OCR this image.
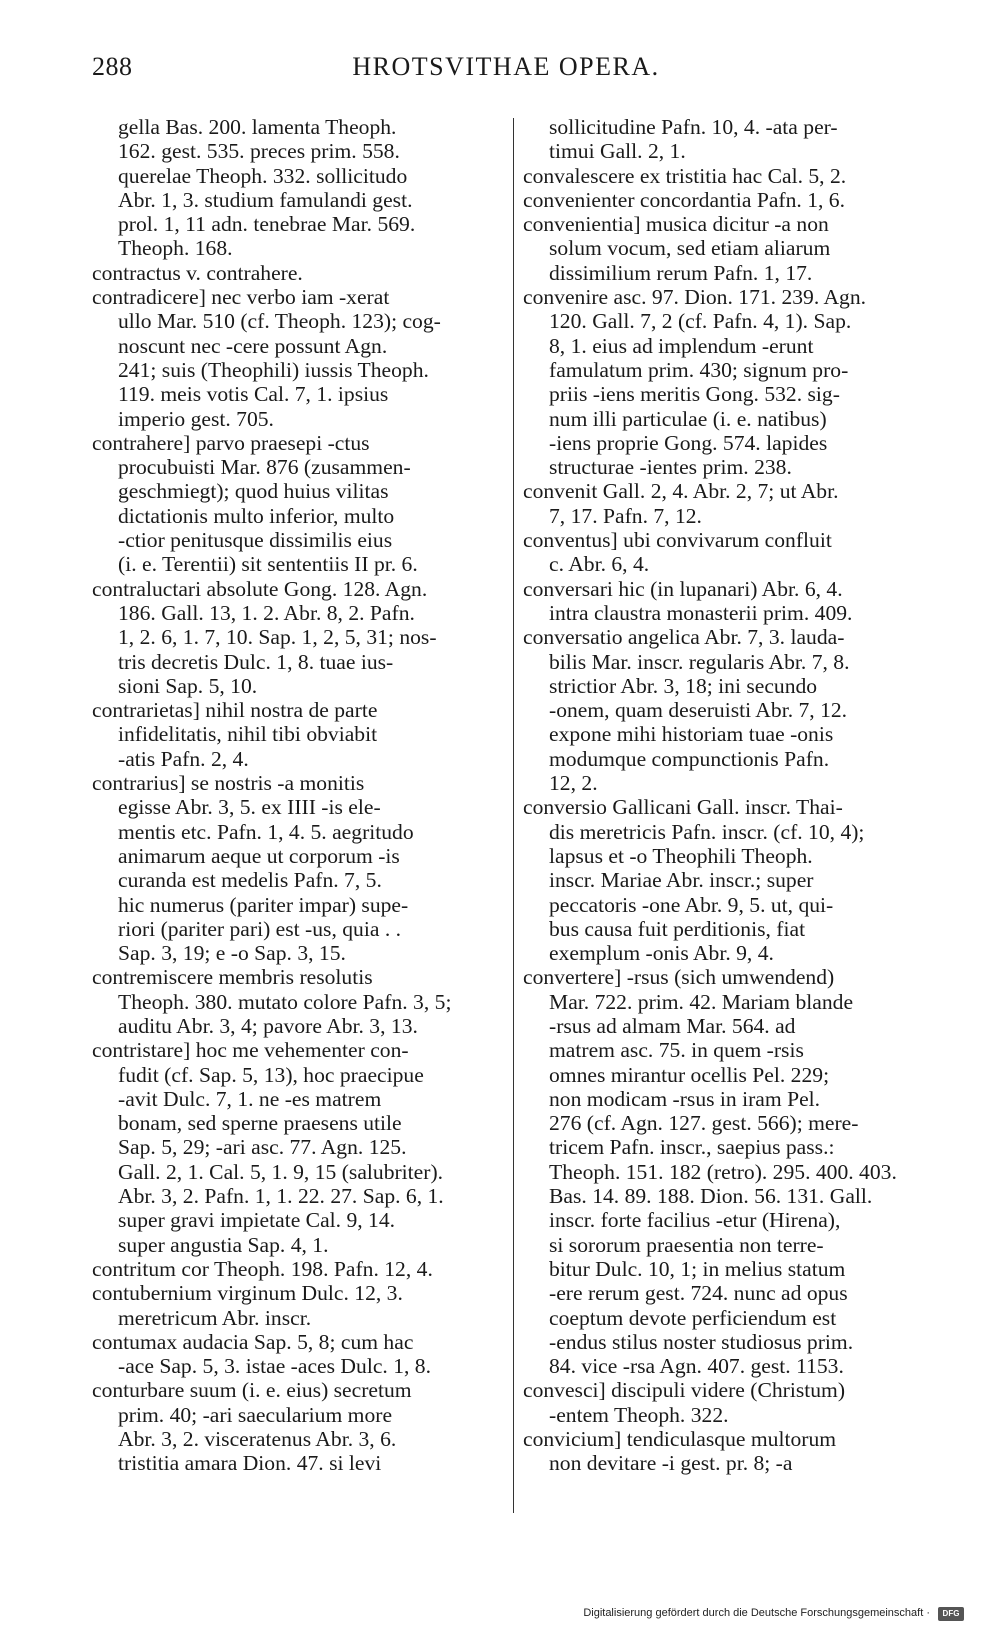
288	HROTSVITHAE OPERA.
gella Bas. 200. lamenta Theoph.
162. gest. 535. preces prim. 558.
querelae Theoph. 332. sollicitudo
Abr. 1, 3. studium famulandi gest.
prol. 1, 11 adn. tenebrae Mar. 569.
Theoph. 168.
contractus v. contrahere.
contradicere] nec verbo iam -xerat
ullo Mar. 510 (cf. Theoph. 123); cog-
noscunt nec -cere possunt Agn.
241; suis (Theophili) iussis Theoph.
119. meis votis Cal. 7, 1. ipsius
imperio gest. 705.
contrahere] parvo praesepi -ctus
procubuisti Mar. 876 (zusammen-
geschmiegt); quod huius vilitas
dictationis multo inferior, multo
-ctior penitusque dissimilis eius
(i. e. Terentii) sit sententiis II pr. 6.
contraluctari absolute Gong. 128. Agn.
186. Gall. 13, 1. 2. Abr. 8, 2. Pafn.
1, 2. 6, 1. 7, 10. Sap. 1, 2, 5, 31; nos-
tris decretis Dulc. 1, 8. tuae ius-
sioni Sap. 5, 10.
contrarietas] nihil nostra de parte
infidelitatis, nihil tibi obviabit
-atis Pafn. 2, 4.
contrarius] se nostris -a monitis
egisse Abr. 3, 5. ex IIII -is ele-
mentis etc. Pafn. 1, 4. 5. aegritudo
animarum aeque ut corporum -is
curanda est medelis Pafn. 7, 5.
hic numerus (pariter impar) supe-
riori (pariter pari) est -us, quia . .
Sap. 3, 19; e -o Sap. 3, 15.
contremiscere membris resolutis
Theoph. 380. mutato colore Pafn. 3, 5;
auditu Abr. 3, 4; pavore Abr. 3, 13.
contristare] hoc me vehementer con-
fudit (cf. Sap. 5, 13), hoc praecipue
-avit Dulc. 7, 1. ne -es matrem
bonam, sed sperne praesens utile
Sap. 5, 29; -ari asc. 77. Agn. 125.
Gall. 2, 1. Cal. 5, 1. 9, 15 (salubriter).
Abr. 3, 2. Pafn. 1, 1. 22. 27. Sap. 6, 1.
super gravi impietate Cal. 9, 14.
super angustia Sap. 4, 1.
contritum cor Theoph. 198. Pafn. 12, 4.
contubernium virginum Dulc. 12, 3.
meretricum Abr. inscr.
contumax audacia Sap. 5, 8; cum hac
-ace Sap. 5, 3. istae -aces Dulc. 1, 8.
conturbare suum (i. e. eius) secretum
prim. 40; -ari saecularium more
Abr. 3, 2. visceratenus Abr. 3, 6.
tristitia amara Dion. 47. si levi
sollicitudine Pafn. 10, 4. -ata per-
timui Gall. 2, 1.
convalescere ex tristitia hac Cal. 5, 2.
convenienter concordantia Pafn. 1, 6.
convenientia] musica dicitur -a non
solum vocum, sed etiam aliarum
dissimilium rerum Pafn. 1, 17.
convenire asc. 97. Dion. 171. 239. Agn.
120. Gall. 7, 2 (cf. Pafn. 4, 1). Sap.
8, 1. eius ad implendum -erunt
famulatum prim. 430; signum pro-
priis -iens meritis Gong. 532. sig-
num illi particulae (i. e. natibus)
-iens proprie Gong. 574. lapides
structurae -ientes prim. 238.
convenit Gall. 2, 4. Abr. 2, 7; ut Abr.
7, 17. Pafn. 7, 12.
conventus] ubi convivarum confluit
c. Abr. 6, 4.
conversari hic (in lupanari) Abr. 6, 4.
intra claustra monasterii prim. 409.
conversatio angelica Abr. 7, 3. lauda-
bilis Mar. inscr. regularis Abr. 7, 8.
strictior Abr. 3, 18; ini secundo
-onem, quam deseruisti Abr. 7, 12.
expone mihi historiam tuae -onis
modumque compunctionis Pafn.
12, 2.
conversio Gallicani Gall. inscr. Thai-
dis meretricis Pafn. inscr. (cf. 10, 4);
lapsus et -o Theophili Theoph.
inscr. Mariae Abr. inscr.; super
peccatoris -one Abr. 9, 5. ut, qui-
bus causa fuit perditionis, fiat
exemplum -onis Abr. 9, 4.
convertere] -rsus (sich umwendend)
Mar. 722. prim. 42. Mariam blande
-rsus ad almam Mar. 564. ad
matrem asc. 75. in quem -rsis
omnes mirantur ocellis Pel. 229;
non modicam -rsus in iram Pel.
276 (cf. Agn. 127. gest. 566); mere-
tricem Pafn. inscr., saepius pass.:
Theoph. 151. 182 (retro). 295. 400. 403.
Bas. 14. 89. 188. Dion. 56. 131. Gall.
inscr. forte facilius -etur (Hirena),
si sororum praesentia non terre-
bitur Dulc. 10, 1; in melius statum
-ere rerum gest. 724. nunc ad opus
coeptum devote perficiendum est
-endus stilus noster studiosus prim.
84. vice -rsa Agn. 407. gest. 1153.
convesci] discipuli videre (Christum)
-entem Theoph. 322.
convicium] tendiculasque multorum
non devitare -i gest. pr. 8; -a
Digitalisierung gefördert durch die Deutsche Forschungsgemeinschaft ·	DFG
